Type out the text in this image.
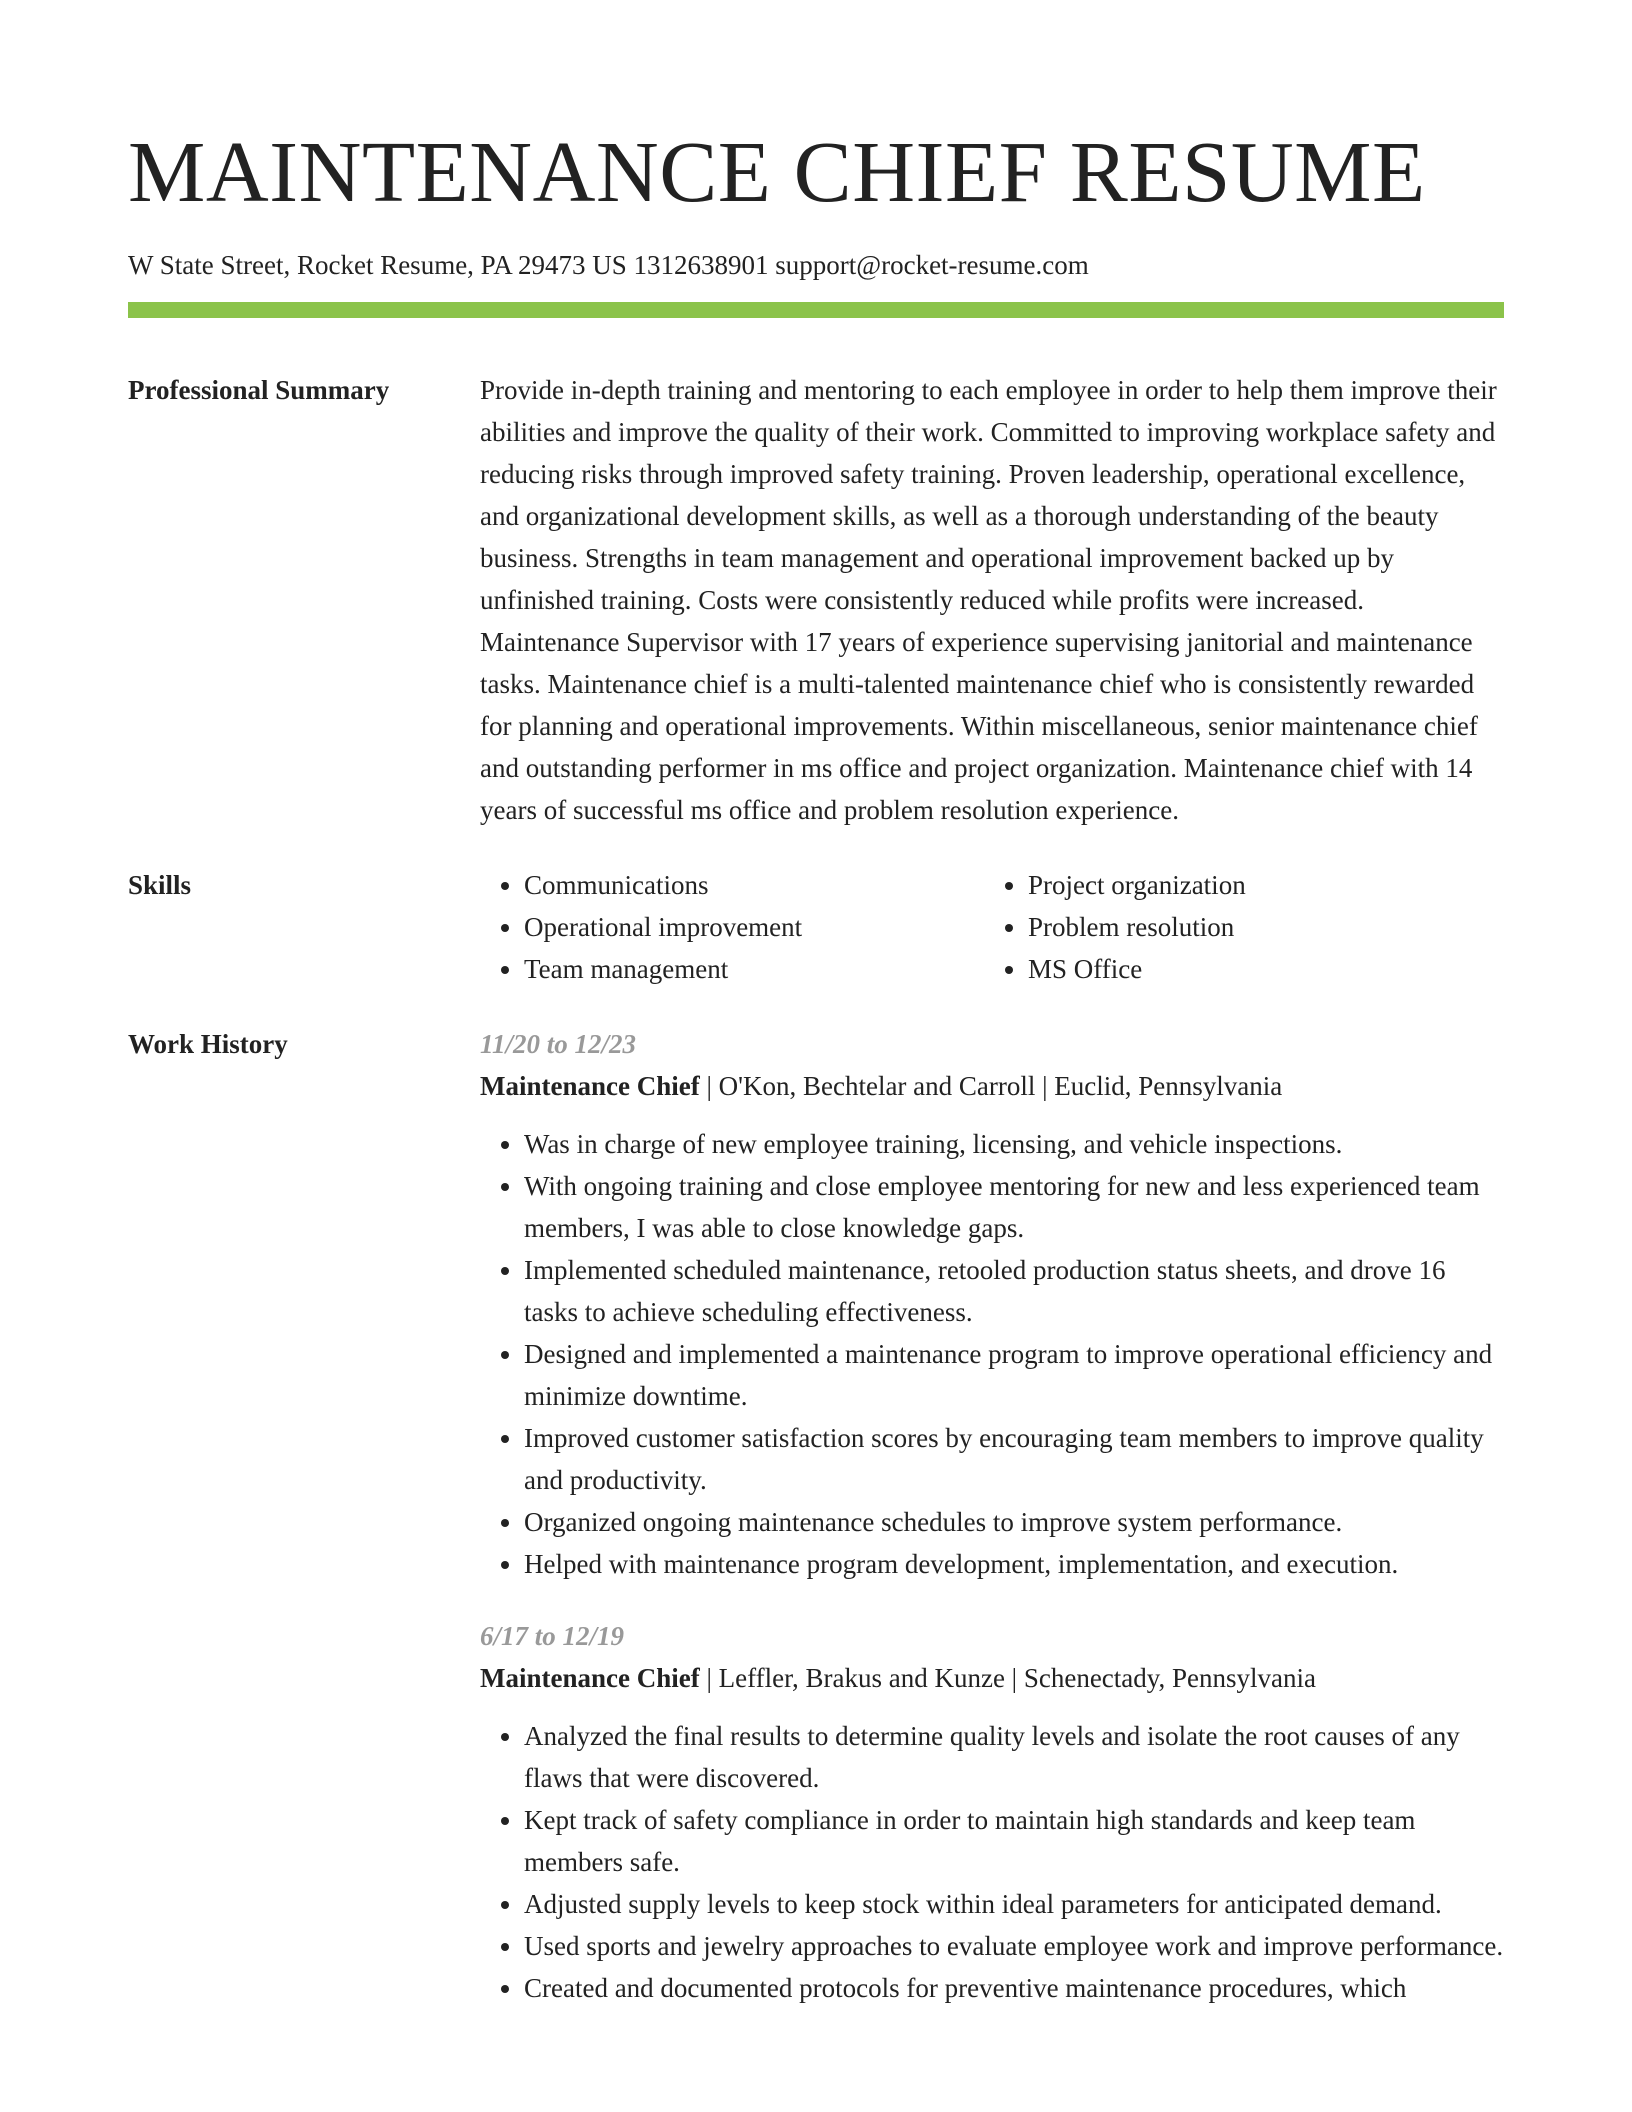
MAINTENANCE CHIEF RESUME
W State Street, Rocket Resume, PA 29473 US 1312638901 support@rocket-resume.com
Professional Summary	Provide in-depth training and mentoring to each employee in order to help them improve their abilities and improve the quality of their work. Committed to improving workplace safety and reducing risks through improved safety training. Proven leadership, operational excellence, and organizational development skills, as well as a thorough understanding of the beauty business. Strengths in team management and operational improvement backed up by unfinished training. Costs were consistently reduced while profits were increased. Maintenance Supervisor with 17 years of experience supervising janitorial and maintenance tasks. Maintenance chief is a multi-talented maintenance chief who is consistently rewarded for planning and operational improvements. Within miscellaneous, senior maintenance chief and outstanding performer in ms office and project organization. Maintenance chief with 14 years of successful ms office and problem resolution experience.

Skills
•	Communications
• Operational improvement
• Team management
• Project organization
• Problem resolution
• MS Office
Work History	11/20 to 12/23
Maintenance Chief | O'Kon, Bechtelar and Carroll | Euclid, Pennsylvania
• Was in charge of new employee training, licensing, and vehicle inspections.
• With ongoing training and close employee mentoring for new and less experienced team members, I was able to close knowledge gaps.
• Implemented scheduled maintenance, retooled production status sheets, and drove 16 tasks to achieve scheduling effectiveness.
• Designed and implemented a maintenance program to improve operational efficiency and minimize downtime.
• Improved customer satisfaction scores by encouraging team members to improve quality and productivity.
• Organized ongoing maintenance schedules to improve system performance.
• Helped with maintenance program development, implementation, and execution.
6/17 to 12/19
Maintenance Chief | Leffler, Brakus and Kunze | Schenectady, Pennsylvania
• Analyzed the final results to determine quality levels and isolate the root causes of any flaws that were discovered.
• Kept track of safety compliance in order to maintain high standards and keep team members safe.
• Adjusted supply levels to keep stock within ideal parameters for anticipated demand.
• Used sports and jewelry approaches to evaluate employee work and improve performance.
• Created and documented protocols for preventive maintenance procedures, which
